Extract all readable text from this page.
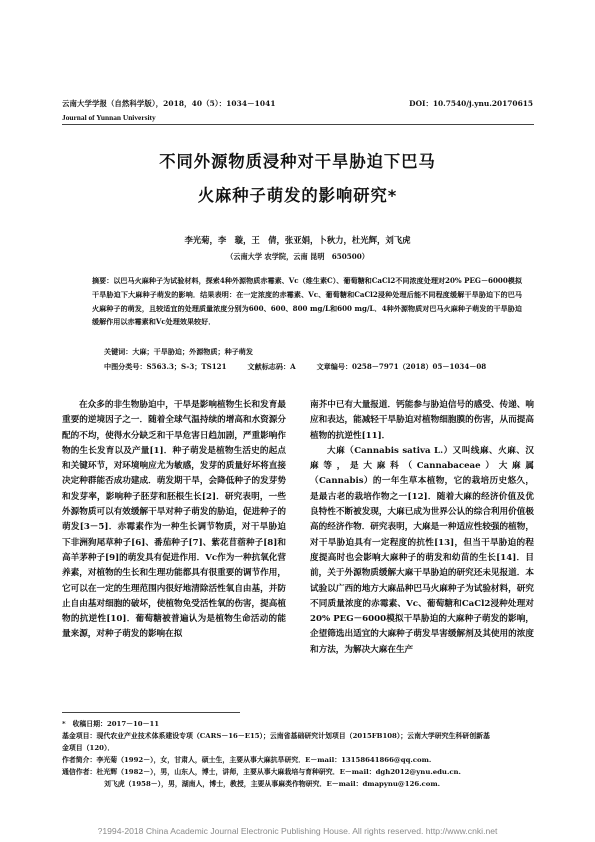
云南大学学报（自然科学版），2018，40（5）：1034－1041	DOI：10.7540/j.ynu.20170615
Journal of Yunnan University
不同外源物质浸种对干旱胁迫下巴马
火麻种子萌发的影响研究*
李光菊，李　璇，王　倩，张亚娟，卜秋力，杜光辉，刘飞虎
（云南大学 农学院，云南 昆明　650500）
摘要：以巴马火麻种子为试验材料，探索4种外源物质赤霉素、Vc（维生素C）、葡萄糖和CaCl2不同浓度处理对20% PEG－6000模拟干旱胁迫下大麻种子萌发的影响．结果表明：在一定浓度的赤霉素、Vc、葡萄糖和CaCl2浸种处理后能不同程度缓解干旱胁迫下的巴马火麻种子的萌发，且较适宜的处理质量浓度分别为600、600、800 mg/L和600 mg/L．4种外源物质对巴马火麻种子萌发的干旱胁迫缓解作用以赤霉素和Vc处理效果较好．
关键词：大麻；干旱胁迫；外源物质；种子萌发
中图分类号：S563.3；S-3；TS121	文献标志码：A	文章编号：0258－7971（2018）05－1034－08

在众多的非生物胁迫中，干旱是影响植物生长和发育最重要的逆境因子之一．随着全球气温持续的增高和水资源分配的不均，使得水分缺乏和干旱危害日趋加剧，严重影响作物的生长发育以及产量[1]．种子萌发是植物生活史的起点和关键环节，对环境响应尤为敏感，发芽的质量好坏将直接决定种群能否成功建成．萌发期干旱，会降低种子的发芽势和发芽率，影响种子胚芽和胚根生长[2]．研究表明，一些外源物质可以有效缓解干旱对种子萌发的胁迫，促进种子的萌发[3－5]．赤霉素作为一种生长调节物质，对干旱胁迫下非洲狗尾草种子[6]、番茄种子[7]、紫花苜蓿种子[8]和高羊茅种子[9]的萌发具有促进作用．Vc作为一种抗氧化营养素，对植物的生长和生理功能都具有很重要的调节作用，它可以在一定的生理范围内很好地清除活性氧自由基，并防止自由基对细胞的破坏，使植物免受活性氧的伤害，提高植物的抗逆性[10]．葡萄糖被普遍认为是植物生命活动的能量来源，对种子萌发的影响在拟

南芥中已有大量报道．钙能参与胁迫信号的感受、传递、响应和表达，能减轻干旱胁迫对植物细胞膜的伤害，从而提高植物的抗逆性[11]．

大麻（Cannabis sativa L.）又叫线麻、火麻、汉麻等，是大麻科（Cannabaceae）大麻属（Cannabis）的一年生草本植物，它的栽培历史悠久，是最古老的栽培作物之一[12]．随着大麻的经济价值及优良特性不断被发现，大麻已成为世界公认的综合利用价值极高的经济作物．研究表明，大麻是一种适应性较强的植物，对干旱胁迫具有一定程度的抗性[13]，但当干旱胁迫的程度提高时也会影响大麻种子的萌发和幼苗的生长[14]．目前，关于外源物质缓解大麻干旱胁迫的研究还未见报道．本试验以广西的地方大麻品种巴马火麻种子为试验材料，研究不同质量浓度的赤霉素、Vc、葡萄糖和CaCl2浸种处理对20% PEG－6000模拟干旱胁迫的大麻种子萌发的影响，企望筛选出适宜的大麻种子萌发旱害缓解剂及其使用的浓度和方法，为解决大麻在生产

*　收稿日期：2017－10－11
基金项目：现代农业产业技术体系建设专项（CARS－16－E15）；云南省基础研究计划项目（2015FB108）；云南大学研究生科研创新基
金项目（120）．
作者简介：李光菊（1992－），女，甘肃人，硕士生，主要从事大麻抗旱研究．E－mail：13158641866@qq.com.
通信作者：杜光辉（1982－），男，山东人，博士，讲师，主要从事大麻栽培与育种研究．E－mail：dgh2012@ynu.edu.cn.
刘飞虎（1958－），男，湖南人，博士，教授，主要从事麻类作物研究．E－mail：dmapynu@126.com.
?1994-2018 China Academic Journal Electronic Publishing House. All rights reserved. http://www.cnki.net
